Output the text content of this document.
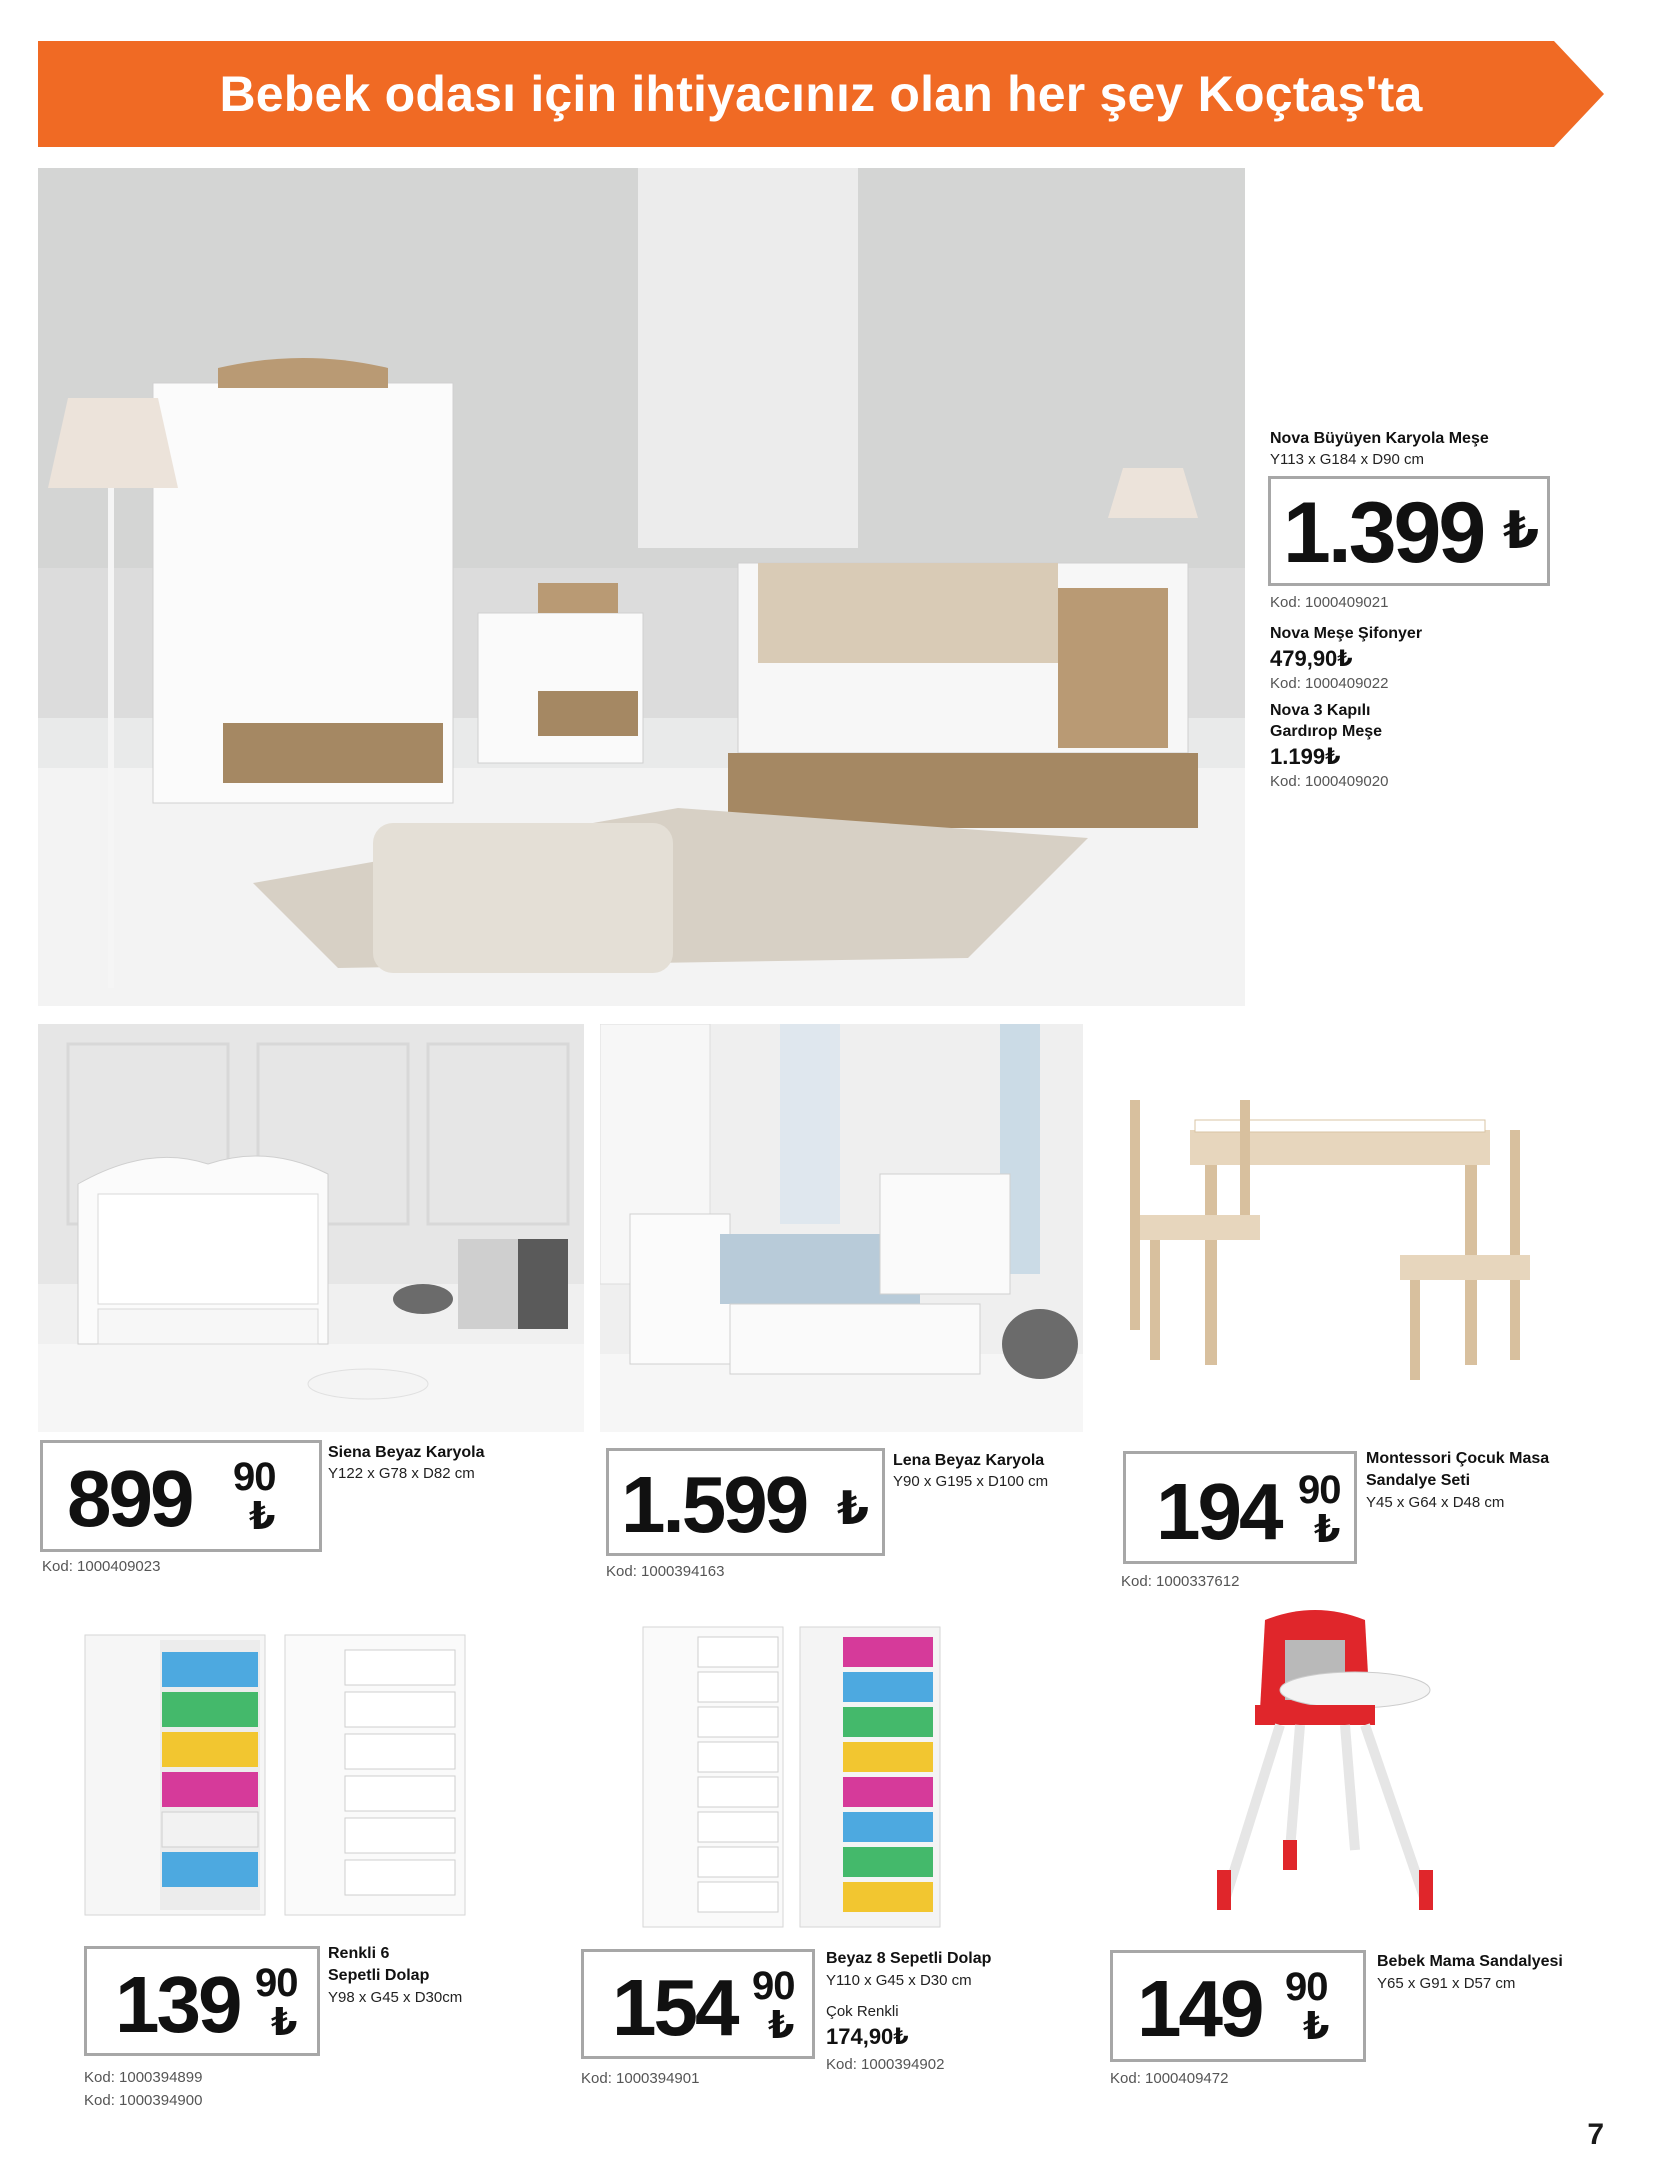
Bebek odası için ihtiyacınız olan her şey Koçtaş'ta
Nova Büyüyen Karyola Meşe
Y113 x G184 x D90 cm
1.399 ₺
Kod: 1000409021
Nova Meşe Şifonyer
479,90₺
Kod: 1000409022
Nova 3 Kapılı
Gardırop Meşe
1.199₺
Kod: 1000409020
899 90
₺
Siena Beyaz Karyola
Y122 x G78 x D82 cm
Kod: 1000409023
1.599 ₺
Lena Beyaz Karyola
Y90 x G195 x D100 cm
Kod: 1000394163
194 90
₺
Montessori Çocuk Masa
Sandalye Seti
Y45 x G64 x D48 cm
Kod: 1000337612
139 90
₺
Renkli 6
Sepetli Dolap
Y98 x G45 x D30cm
Kod: 1000394899
Kod: 1000394900
154 90
₺
Beyaz 8 Sepetli Dolap
Y110 x G45 x D30 cm
Çok Renkli
174,90₺
Kod: 1000394902
Kod: 1000394901
149 90
₺
Bebek Mama Sandalyesi
Y65 x G91 x D57 cm
Kod: 1000409472
7
